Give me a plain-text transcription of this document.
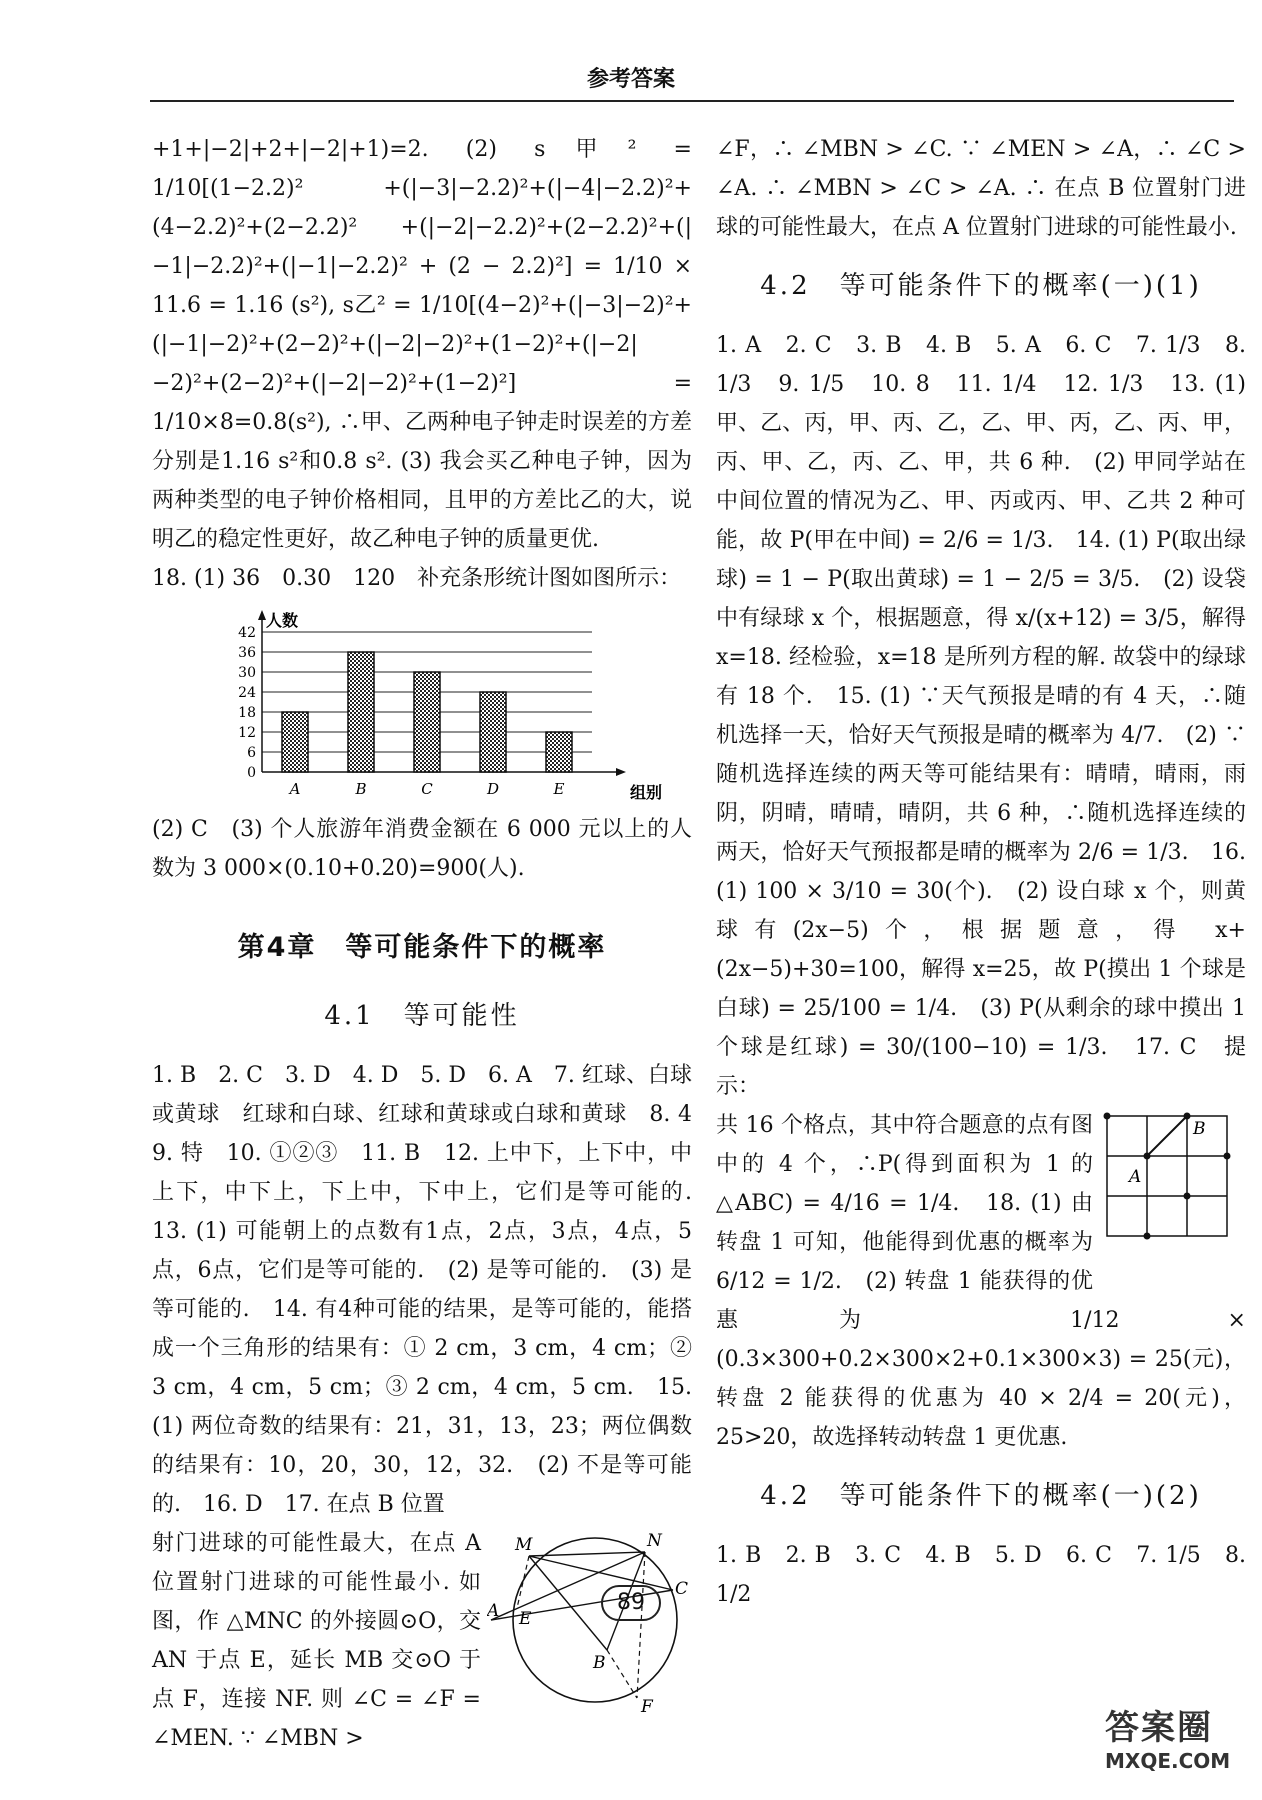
参考答案

+1+|−2|+2+|−2|+1)=2. (2) s甲² = 1/10[(1−2.2)² +(|−3|−2.2)²+(|−4|−2.2)²+(4−2.2)²+(2−2.2)² +(|−2|−2.2)²+(2−2.2)²+(|−1|−2.2)²+(|−1|−2.2)² + (2 − 2.2)²] = 1/10 × 11.6 = 1.16 (s²), s乙² = 1/10[(4−2)²+(|−3|−2)²+(|−1|−2)²+(2−2)²+(|−2|−2)²+(1−2)²+(|−2|−2)²+(2−2)²+(|−2|−2)²+(1−2)²] = 1/10×8=0.8(s²), ∴甲、乙两种电子钟走时误差的方差分别是1.16 s²和0.8 s². (3) 我会买乙种电子钟，因为两种类型的电子钟价格相同，且甲的方差比乙的大，说明乙的稳定性更好，故乙种电子钟的质量更优.

18. (1) 36　0.30　120　补充条形统计图如图所示：

0
6
12
18
24
30
36
42
人数
组别
A	B	C	D	E

(2) C　(3) 个人旅游年消费金额在 6 000 元以上的人数为 3 000×(0.10+0.20)=900(人).

第4章　等可能条件下的概率

4.1　等可能性

1. B　2. C　3. D　4. D　5. D　6. A　7. 红球、白球或黄球　红球和白球、红球和黄球或白球和黄球　8. 4　9. 特　10. ①②③　11. B　12. 上中下，上下中，中上下，中下上，下上中，下中上，它们是等可能的.　13. (1) 可能朝上的点数有1点，2点，3点，4点，5点，6点，它们是等可能的.　(2) 是等可能的.　(3) 是等可能的.　14. 有4种可能的结果，是等可能的，能搭成一个三角形的结果有：① 2 cm，3 cm，4 cm；② 3 cm，4 cm，5 cm；③ 2 cm，4 cm，5 cm.　15. (1) 两位奇数的结果有：21，31，13，23；两位偶数的结果有：10，20，30，12，32.　(2) 不是等可能的.　16. D　17. 在点 B 位置

M	N
C
E
A
B
F

射门进球的可能性最大，在点 A 位置射门进球的可能性最小. 如图，作 △MNC 的外接圆⊙O，交 AN 于点 E，延长 MB 交⊙O 于点 F，连接 NF. 则 ∠C = ∠F = ∠MEN. ∵ ∠MBN >

∠F，∴ ∠MBN > ∠C. ∵ ∠MEN > ∠A，∴ ∠C > ∠A. ∴ ∠MBN > ∠C > ∠A. ∴ 在点 B 位置射门进球的可能性最大，在点 A 位置射门进球的可能性最小.

4.2　等可能条件下的概率(一)(1)

1. A　2. C　3. B　4. B　5. A　6. C　7. 1/3　8. 1/3　9. 1/5　10. 8　11. 1/4　12. 1/3　13. (1) 甲、乙、丙，甲、丙、乙，乙、甲、丙，乙、丙、甲，丙、甲、乙，丙、乙、甲，共 6 种.　(2) 甲同学站在中间位置的情况为乙、甲、丙或丙、甲、乙共 2 种可能，故 P(甲在中间) = 2/6 = 1/3.　14. (1) P(取出绿球) = 1 − P(取出黄球) = 1 − 2/5 = 3/5.　(2) 设袋中有绿球 x 个，根据题意，得 x/(x+12) = 3/5，解得 x=18. 经检验，x=18 是所列方程的解. 故袋中的绿球有 18 个.　15. (1) ∵天气预报是晴的有 4 天，∴随机选择一天，恰好天气预报是晴的概率为 4/7.　(2) ∵随机选择连续的两天等可能结果有：晴晴，晴雨，雨阴，阴晴，晴晴，晴阴，共 6 种，∴随机选择连续的两天，恰好天气预报都是晴的概率为 2/6 = 1/3.　16. (1) 100 × 3/10 = 30(个).　(2) 设白球 x 个，则黄球有(2x−5)个，根据题意，得 x+(2x−5)+30=100，解得 x=25，故 P(摸出 1 个球是白球) = 25/100 = 1/4.　(3) P(从剩余的球中摸出 1 个球是红球) = 30/(100−10) = 1/3.　17. C　提示：

A
B

共 16 个格点，其中符合题意的点有图中的 4 个，∴P(得到面积为 1 的△ABC) = 4/16 = 1/4.　18. (1) 由转盘 1 可知，他能得到优惠的概率为 6/12 = 1/2.　(2) 转盘 1 能获得的优惠为 1/12 × (0.3×300+0.2×300×2+0.1×300×3) = 25(元)，转盘 2 能获得的优惠为 40 × 2/4 = 20(元)，25>20，故选择转动转盘 1 更优惠.

4.2　等可能条件下的概率(一)(2)

1. B　2. B　3. C　4. B　5. D　6. C　7. 1/5　8. 1/2

89
答案圈
MXQE.COM
